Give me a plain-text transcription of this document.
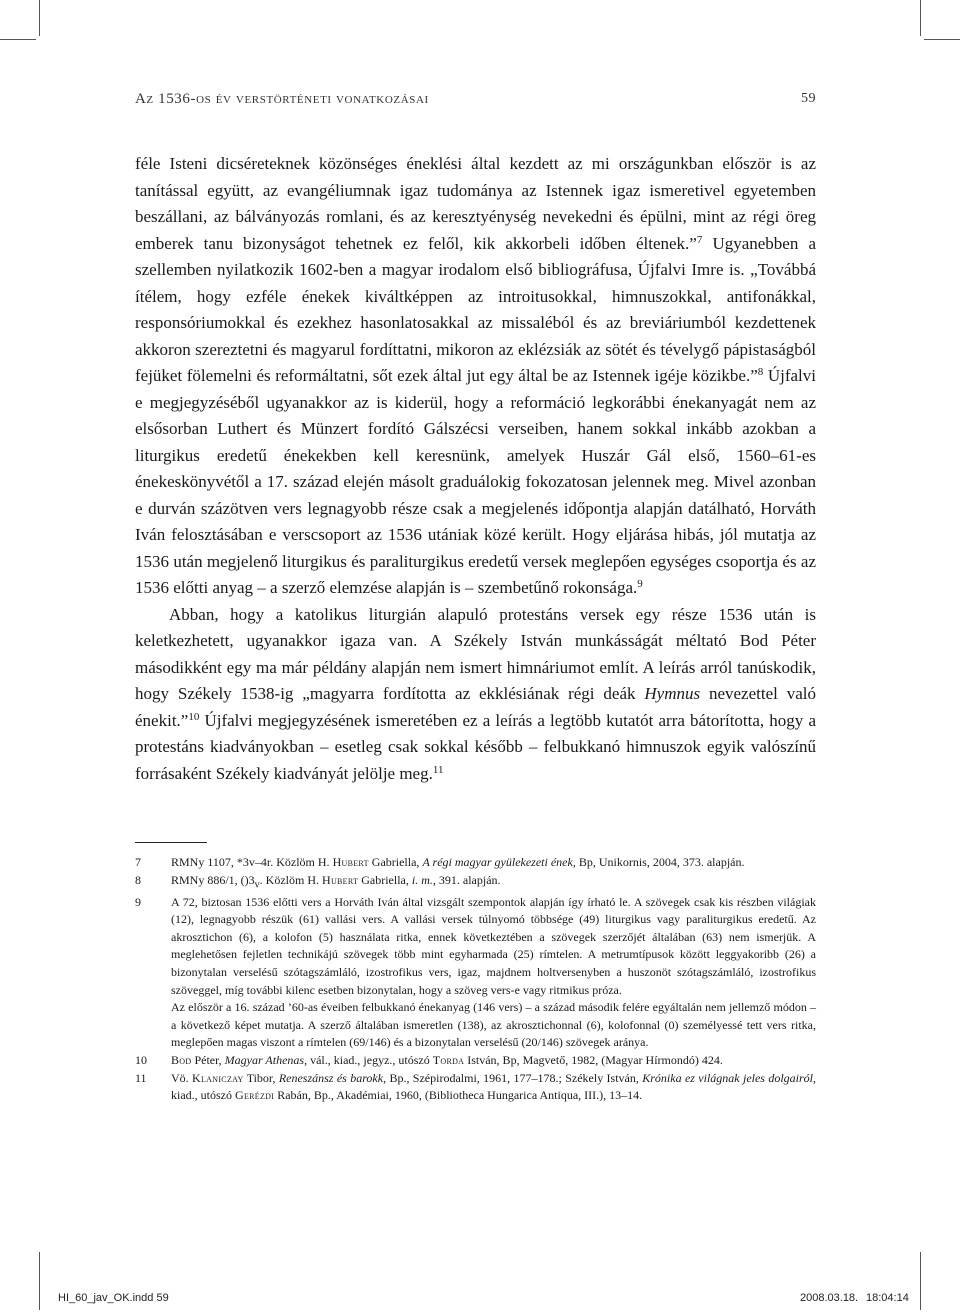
Az 1536-os év verstörténeti vonatkozásai	59

féle Isteni dicséreteknek közönséges éneklési által kezdett az mi országunkban először is az tanítással együtt, az evangéliumnak igaz tudománya az Istennek igaz ismeretivel egyetemben beszállani, az bálványozás romlani, és az keresztyénység nevekedni és épülni, mint az régi öreg emberek tanu bizonyságot tehetnek ez felől, kik akkorbeli időben éltenek.”$^7$ Ugyanebben a szellemben nyilatkozik 1602-ben a magyar irodalom első bibliográfusa, Újfalvi Imre is. „Továbbá ítélem, hogy ezféle énekek kiváltképpen az introitusokkal, himnuszokkal, antifonákkal, responsóriumokkal és ezekhez hasonlatosakkal az missaléból és az breviáriumból kezdettenek akkoron szereztetni és magyarul fordíttatni, mikoron az eklézsiák az sötét és tévelygő pápistaságból fejüket fölemelni és reformáltatni, sőt ezek által jut egy által be az Istennek igéje közikbe.”$^8$ Újfalvi e megjegyzéséből ugyanakkor az is kiderül, hogy a reformáció legkorábbi énekanyagát nem az elsősorban Luthert és Münzert fordító Gálszécsi verseiben, hanem sokkal inkább azokban a liturgikus eredetű énekekben kell keresnünk, amelyek Huszár Gál első, 1560–61-es énekeskönyvétől a 17. század elején másolt graduálokig fokozatosan jelennek meg. Mivel azonban e durván százötven vers legnagyobb része csak a megjelenés időpontja alapján datálható, Horváth Iván felosztásában e verscsoport az 1536 utániak közé került. Hogy eljárása hibás, jól mutatja az 1536 után megjelenő liturgikus és paraliturgikus eredetű versek meglepően egységes csoportja és az 1536 előtti anyag – a szerző elemzése alapján is – szembetűnő rokonsága.$^9$

Abban, hogy a katolikus liturgián alapuló protestáns versek egy része 1536 után is keletkezhetett, ugyanakkor igaza van. A Székely István munkásságát méltató Bod Péter másodikként egy ma már példány alapján nem ismert himnáriumot említ. A leírás arról tanúskodik, hogy Székely 1538-ig „magyarra fordította az ekklésiának régi deák Hymnus nevezettel való énekit.”$^{10}$ Újfalvi megjegyzésének ismeretében ez a leírás a legtöbb kutatót arra bátorította, hogy a protestáns kiadványokban – esetleg csak sokkal később – felbukkanó himnuszok egyik valószínű forrásaként Székely kiadványát jelölje meg.$^{11}$

7	RMNy 1107, *3v–4r. Közlöm H. Hubert Gabriella, A régi magyar gyülekezeti ének, Bp, Unikornis, 2004, 373. alapján.

8	RMNy 886/1, $()3_v$. Közlöm H. Hubert Gabriella, i. m., 391. alapján.

9	A 72, biztosan 1536 előtti vers a Horváth Iván által vizsgált szempontok alapján így írható le. A szövegek csak kis részben világiak (12), legnagyobb részük (61) vallási vers. A vallási versek túlnyomó többsége (49) liturgikus vagy paraliturgikus eredetű. Az akrosztichon (6), a kolofon (5) használata ritka, ennek következtében a szövegek szerzőjét általában (63) nem ismerjük. A meglehetősen fejletlen technikájú szövegek több mint egyharmada (25) rímtelen. A metrumtípusok között leggyakoribb (26) a bizonytalan verselésű szótagszámláló, izostrofikus vers, igaz, majdnem holtversenyben a huszonöt szótagszámláló, izostrofikus szöveggel, míg további kilenc esetben bizonytalan, hogy a szöveg vers-e vagy ritmikus próza.

Az először a 16. század ’60-as éveiben felbukkanó énekanyag (146 vers) – a század második felére egyáltalán nem jellemző módon – a következő képet mutatja. A szerző általában ismeretlen (138), az akrosztichonnal (6), kolofonnal (0) személyessé tett vers ritka, meglepően magas viszont a rímtelen (69/146) és a bizonytalan verselésű (20/146) szövegek aránya.

10 Bod Péter, Magyar Athenas, vál., kiad., jegyz., utószó Torda István, Bp, Magvető, 1982, (Magyar Hírmondó) 424.

11 Vö. Klaniczay Tibor, Reneszánsz és barokk, Bp., Szépirodalmi, 1961, 177–178.; Székely István, Krónika ez világnak jeles dolgairól, kiad., utószó Gerézdi Rabán, Bp., Akadémiai, 1960, (Bibliotheca Hungarica Antiqua, III.), 13–14.

HI_60_jav_OK.indd 59	2008.03.18. 18:04:14
